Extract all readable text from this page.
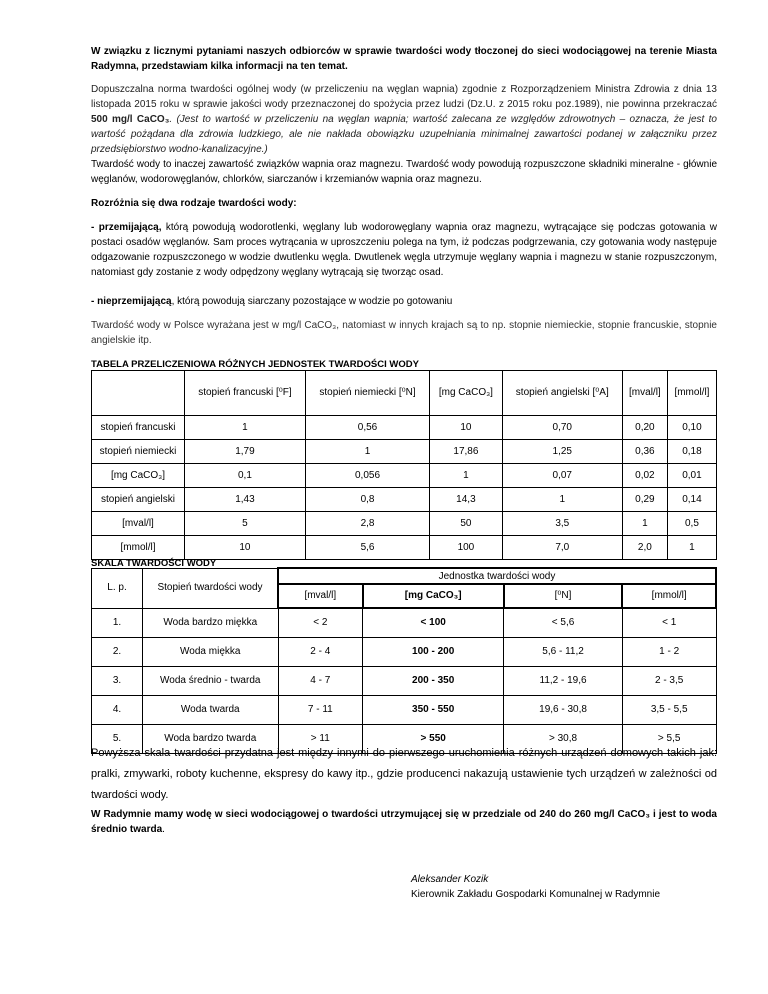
W związku z licznymi pytaniami naszych odbiorców w sprawie twardości wody tłoczonej do sieci wodociągowej na terenie Miasta Radymna, przedstawiam kilka informacji na ten temat.

Dopuszczalna norma twardości ogólnej wody (w przeliczeniu na węglan wapnia) zgodnie z Rozporządzeniem Ministra Zdrowia z dnia 13 listopada 2015 roku w sprawie jakości wody przeznaczonej do spożycia przez ludzi (Dz.U. z 2015 roku poz.1989), nie powinna przekraczać 500 mg/l CaCO₃. (Jest to wartość w przeliczeniu na węglan wapnia; wartość zalecana ze względów zdrowotnych – oznacza, że jest to wartość pożądana dla zdrowia ludzkiego, ale nie nakłada obowiązku uzupełniania minimalnej zawartości podanej w załączniku przez przedsiębiorstwo wodno-kanalizacyjne.)

Twardość wody to inaczej zawartość związków wapnia oraz magnezu. Twardość wody powodują rozpuszczone składniki mineralne - głównie węglanów, wodorowęglanów, chlorków, siarczanów i krzemianów wapnia oraz magnezu.

Rozróżnia się dwa rodzaje twardości wody:

- przemijającą, którą powodują wodorotlenki, węglany lub wodorowęglany wapnia oraz magnezu, wytrącające się podczas gotowania w postaci osadów węglanów. Sam proces wytrącania w uproszczeniu polega na tym, iż podczas podgrzewania, czy gotowania wody następuje odgazowanie rozpuszczonego w wodzie dwutlenku węgla. Dwutlenek węgla utrzymuje węglany wapnia i magnezu w stanie rozpuszczonym, natomiast gdy zostanie z wody odpędzony węglany wytrącają się tworząc osad.

- nieprzemijającą, którą powodują siarczany pozostające w wodzie po gotowaniu

Twardość wody w Polsce wyrażana jest w mg/l CaCO₃, natomiast w innych krajach są to np. stopnie niemieckie, stopnie francuskie, stopnie angielskie itp.

TABELA PRZELICZENIOWA RÓŻNYCH JEDNOSTEK TWARDOŚCI WODY

	stopień francuski [⁰F]	stopień niemiecki [⁰N]	[mg CaCO₃]	stopień angielski [⁰A]	[mval/l]	[mmol/l]
stopień francuski	1	0,56	10	0,70	0,20	0,10
stopień niemiecki	1,79	1	17,86	1,25	0,36	0,18
[mg CaCO₃]	0,1	0,056	1	0,07	0,02	0,01
stopień angielski	1,43	0,8	14,3	1	0,29	0,14
[mval/l]	5	2,8	50	3,5	1	0,5
[mmol/l]	10	5,6	100	7,0	2,0	1

SKALA TWARDOŚCI WODY

L. p.	Stopień twardości wody	Jednostka twardości wody			
		[mval/l]	[mg CaCO₃]	[⁰N]	[mmol/l]
1.	Woda bardzo miękka	< 2	< 100	< 5,6	< 1
2.	Woda miękka	2 - 4	100 - 200	5,6 - 11,2	1 - 2
3.	Woda średnio - twarda	4 - 7	200 - 350	11,2 - 19,6	2 - 3,5
4.	Woda twarda	7 - 11	350 - 550	19,6 - 30,8	3,5 - 5,5
5.	Woda bardzo twarda	> 11	> 550	> 30,8	> 5,5

Powyższa skala twardości przydatna jest między innymi do pierwszego uruchomienia różnych urządzeń domowych takich jak: pralki, zmywarki, roboty kuchenne, ekspresy do kawy itp., gdzie producenci nakazują ustawienie tych urządzeń w zależności od twardości wody.

W Radymnie mamy wodę w sieci wodociągowej o twardości utrzymującej się w przedziale od 240 do 260 mg/l CaCO₃ i jest to woda średnio twarda.

Aleksander Kozik
Kierownik Zakładu Gospodarki Komunalnej w Radymnie
